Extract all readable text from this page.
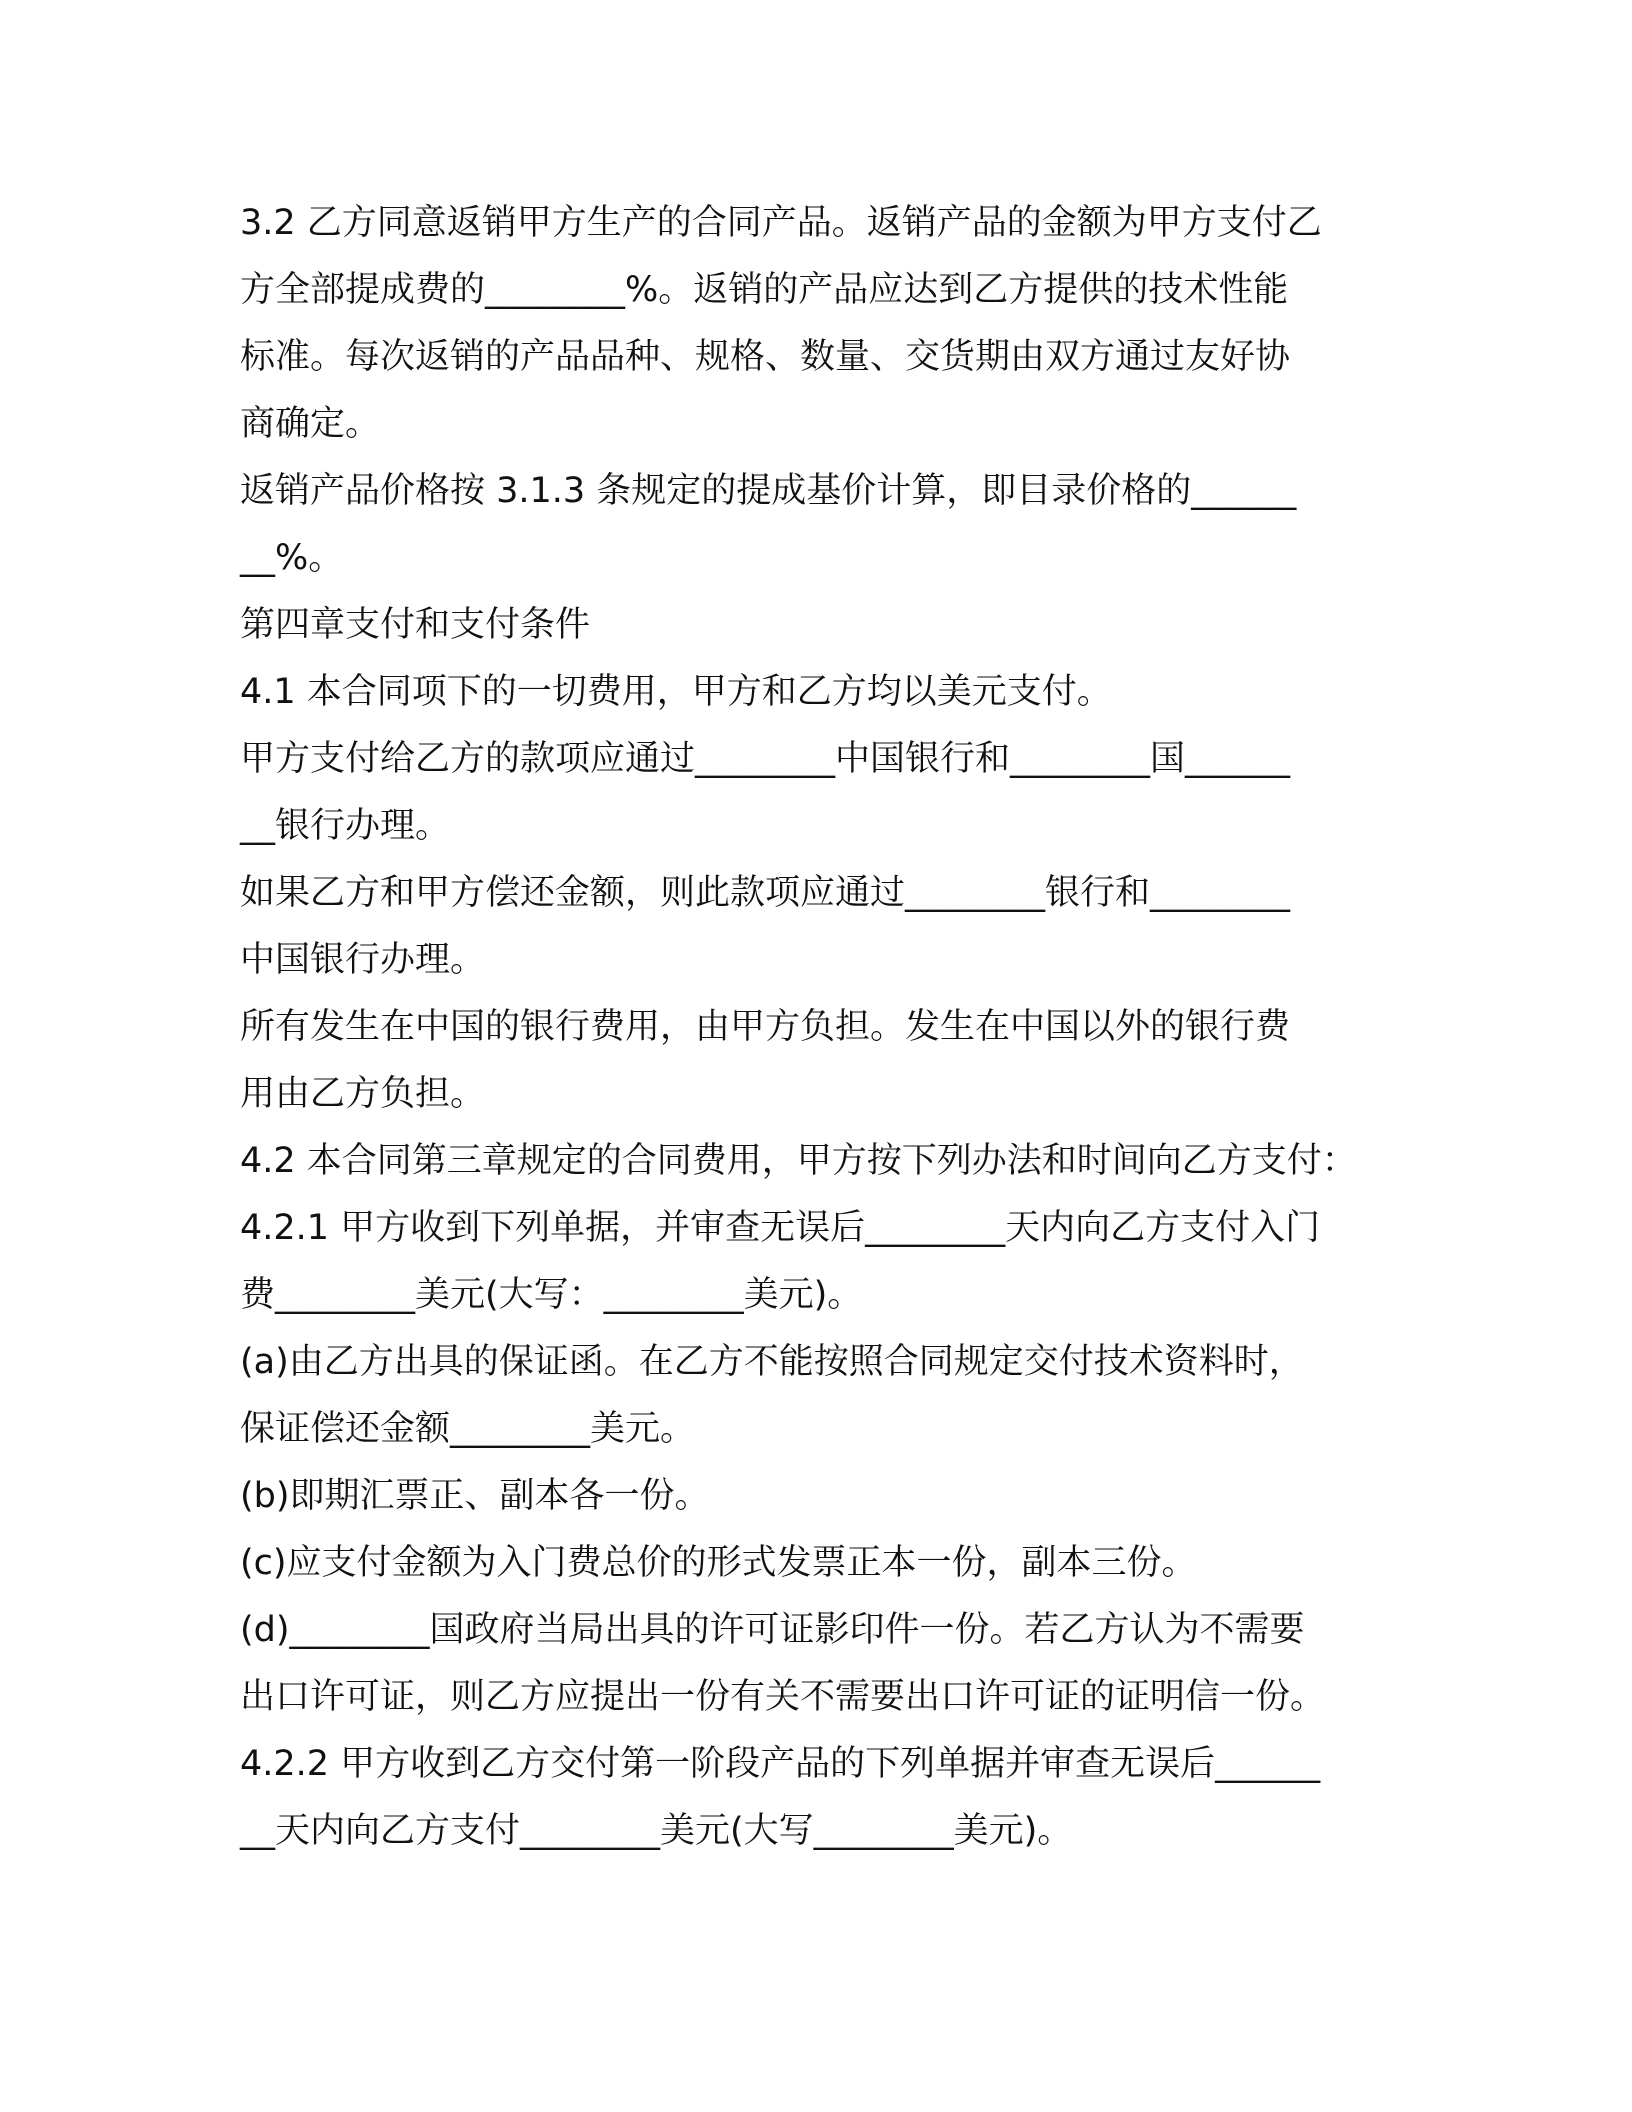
3.2 乙方同意返销甲方生产的合同产品。返销产品的金额为甲方支付乙
方全部提成费的________%。返销的产品应达到乙方提供的技术性能
标准。每次返销的产品品种、规格、数量、交货期由双方通过友好协
商确定。
返销产品价格按 3.1.3 条规定的提成基价计算，即目录价格的______
__%。
第四章支付和支付条件
4.1 本合同项下的一切费用，甲方和乙方均以美元支付。
甲方支付给乙方的款项应通过________中国银行和________国______
__银行办理。
如果乙方和甲方偿还金额，则此款项应通过________银行和________
中国银行办理。
所有发生在中国的银行费用，由甲方负担。发生在中国以外的银行费
用由乙方负担。
4.2 本合同第三章规定的合同费用，甲方按下列办法和时间向乙方支付：
4.2.1 甲方收到下列单据，并审查无误后________天内向乙方支付入门
费________美元(大写：________美元)。
(a)由乙方出具的保证函。在乙方不能按照合同规定交付技术资料时，
保证偿还金额________美元。
(b)即期汇票正、副本各一份。
(c)应支付金额为入门费总价的形式发票正本一份，副本三份。
(d)________国政府当局出具的许可证影印件一份。若乙方认为不需要
出口许可证，则乙方应提出一份有关不需要出口许可证的证明信一份。
4.2.2 甲方收到乙方交付第一阶段产品的下列单据并审查无误后______
__天内向乙方支付________美元(大写________美元)。
